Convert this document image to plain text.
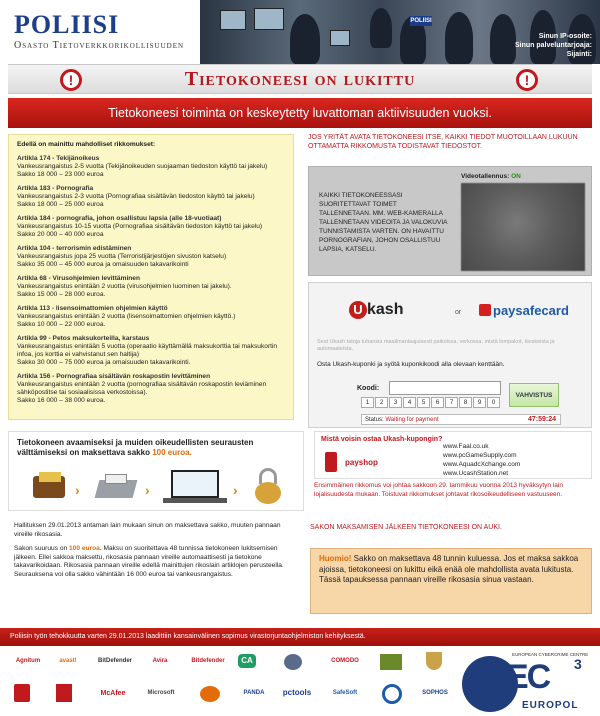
POLIISI
Osasto Tietoverkkorikollisuuden
POLIISI
Sinun IP-osoite:
Sinun palveluntarjoaja:
Sijainti:
!	Tietokoneesi on lukittu	!
Tietokoneesi toiminta on keskeytetty luvattoman aktiivisuuden vuoksi.
Edellä on mainittu mahdolliset rikkomukset:
Artikla 174 - Tekijänoikeus
Vankeusrangaistus 2-5 vuotta (Tekijänoikeuden suojaaman tiedoston käyttö tai jakelu)
Sakko 18 000 – 23 000 euroa
Artikla 183 - Pornografia
Vankeusrangaistus 2-3 vuotta (Pornografiaa sisältävän tiedoston käyttö tai jakelu)
Sakko 18 000 – 25 000 euroa
Artikla 184 - pornografia, johon osallistuu lapsia (alle 18-vuotiaat)
Vankeusrangaistus 10-15 vuotta (Pornografiaa sisältävän tiedoston käyttö tai jakelu)
Sakko 20 000 – 40 000 euroa
Artikla 104 - terrorismin edistäminen
Vankeusrangaistus jopa 25 vuotta (Terroristijärjestöjen sivuston katselu)
Sakko 35 000 – 45 000 euroa ja omaisuuden takavarikointi
Artikla 68 - Virusohjelmien levittäminen
Vankeusrangaistus enintään 2 vuotta (virusohjelmien luominen tai jakelu).
Sakko 15 000 – 28 000 euroa.
Artikla 113 - lisensoimattomien ohjelmien käyttö
Vankeusrangaistus enintään 2 vuotta (lisensoimattomien ohjelmien käyttö.)
Sakko 10 000 – 22 000 euroa.
Artikla 99 - Petos maksukorteilla, karstaus
Vankeusrangaistus enintään 5 vuotta (operaatio käyttämällä maksukorttia tai maksukortin infoa, jos korttia ei vahvistanut sen haltija)
Sakko 30 000 – 75 000 euroa ja omaisuuden takavarikointi.
Artikla 156 - Pornografiaa sisältävän roskapostin levittäminen
Vankeusrangaistus enintään 2 vuotta (pornografiaa sisältävän roskapostin leviäminen sähköpostitse tai sosiaalisissa verkostoissa).
Sakko 16 000 – 38 000 euroa.
JOS YRITÄT AVATA TIETOKONEESI ITSE, KAIKKI TIEDOT MUOTOILLAAN LUKUUN OTTAMATTA RIKKOMUSTA TODISTAVAT TIEDOSTOT.
KAIKKI TIETOKONEESSASI SUORITETTAVAT TOIMET TALLENNETAAN. MM. WEB-KAMERALLA TALLENNETAAN VIDEOITA JA VALOKUVIA TUNNISTAMISTA VARTEN. ON HAVAITTU PORNOGRAFIAN, JOHON OSALLISTUU LAPSIA, KATSELU.
Videotallennus: ON
U kash	or	paysafecard
Sest Ukash tatoja tuhansia maailmanlaajuisesti paikoissa, verkossa, mistä lompakot, kioskeista ja automaateista.
Osta Ukash-kuponki ja syötä kuponkikoodi alla olevaan kenttään.
Koodi:
1	2	3	4	5	6	7	8	9	0
VAHVISTUS
Status: Waiting for payment	47:59:24
Tietokoneen avaamiseksi ja muiden oikeudellisten seurausten välttämiseksi on maksettava sakko 100 euroa.
›	›	›
Mistä voisin ostaa Ukash-kupongin?
payshop
www.Faal.co.uk
www.pcGameSupply.com
www.AquadcXchange.com
www.UcashStation.net
Ensimmäinen rikkomus voi johtaa sakkoon 29. tammikuu vuonna 2013 hyväksytyn lain lojalisuudesta mukaan. Toistuvat rikkomukset johtavat rikosoikeudelliseen vastuuseen.

Hallituksen 29.01.2013 antaman lain mukaan sinun on maksettava sakko, muuten pannaan vireille rikosasia.

Sakon suuruus on 100 euroa. Maksu on suoritettava 48 tunnissa tietokoneen lukitsemisen jälkeen. Ellei sakkoa maksettu, rikosasia pannaan vireille automaattisesti ja tietokone takavarikoidaan. Rikosasia pannaan vireille edellä mainittujen rikoslain artiklojen perusteella. Seurauksena voi olla sakko vähintään 16 000 euroa tai vankeusrangaistus.

SAKON MAKSAMISEN JÄLKEEN TIETOKONEESI ON AUKI.
Huomio! Sakko on maksettava 48 tunnin kuluessa. Jos et maksa sakkoa ajoissa, tietokoneesi on lukittu eikä enää ole mahdollista avata lukitusta. Tässä tapauksessa pannaan vireille rikosasia sinua vastaan.
Poliisin työn tehokkuutta varten 29.01.2013 laadittiin kansainvälinen sopimus virastorjuntaohjelmiston kehityksestä.
Agnitum	avast!	BitDefender	Avira	Bitdefender	CA	COMODO
McAfee	Microsoft	PANDA	pctools	SafeSoft	SOPHOS
EUROPEAN CYBERCRIME CENTRE
EC 3
EUROPOL
